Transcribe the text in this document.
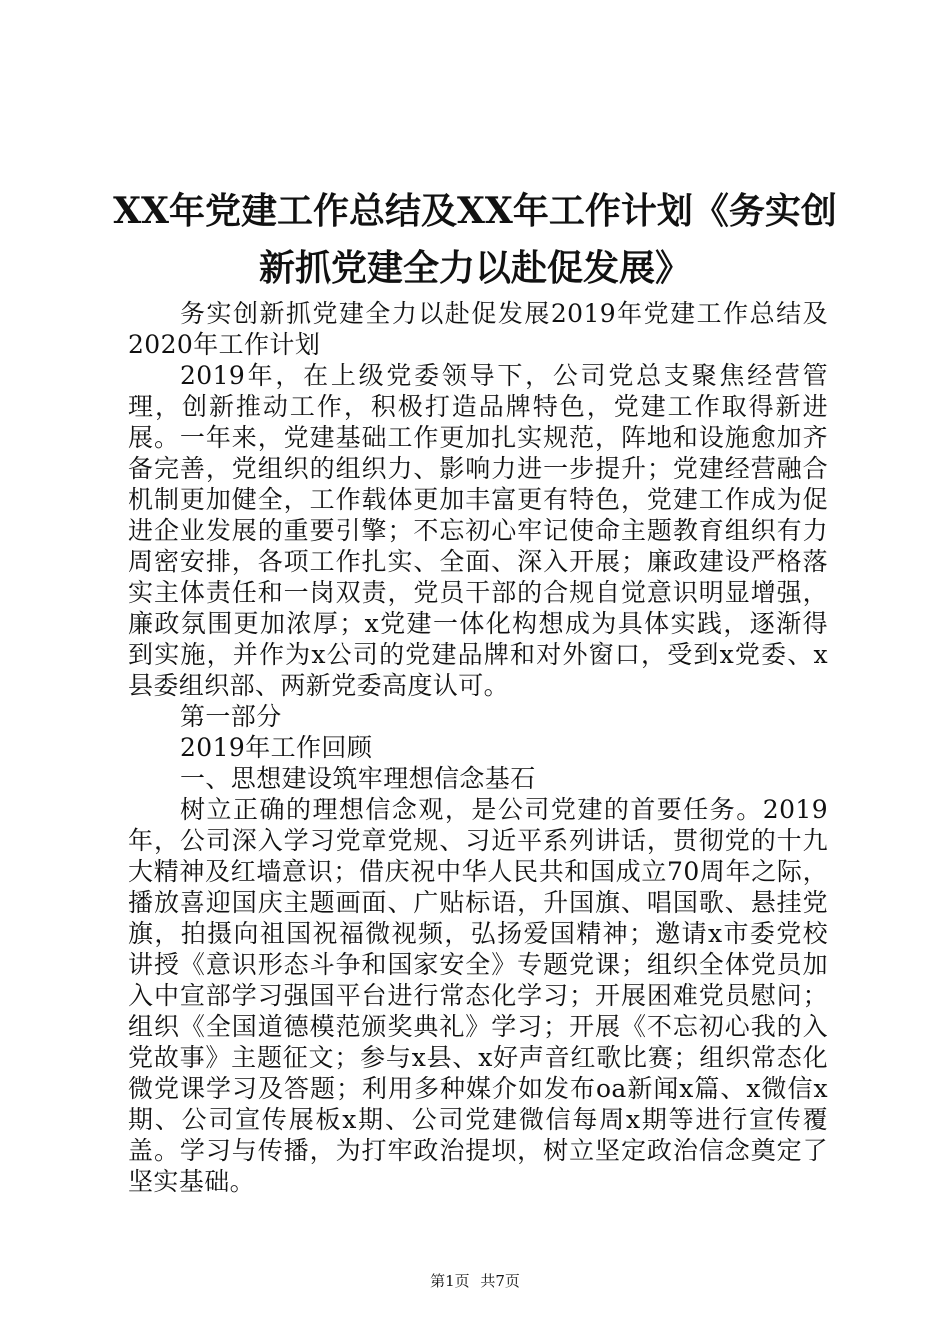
XX年党建工作总结及XX年工作计划《务实创
新抓党建全力以赴促发展》

务实创新抓党建全力以赴促发展2019年党建工作总结及2020年工作计划

2019年，在上级党委领导下，公司党总支聚焦经营管理，创新推动工作，积极打造品牌特色，党建工作取得新进展。一年来，党建基础工作更加扎实规范，阵地和设施愈加齐备完善，党组织的组织力、影响力进一步提升；党建经营融合机制更加健全，工作载体更加丰富更有特色，党建工作成为促进企业发展的重要引擎；不忘初心牢记使命主题教育组织有力周密安排，各项工作扎实、全面、深入开展；廉政建设严格落实主体责任和一岗双责，党员干部的合规自觉意识明显增强，廉政氛围更加浓厚；x党建一体化构想成为具体实践，逐渐得到实施，并作为x公司的党建品牌和对外窗口，受到x党委、x县委组织部、两新党委高度认可。

第一部分

2019年工作回顾

一、思想建设筑牢理想信念基石

树立正确的理想信念观，是公司党建的首要任务。2019年，公司深入学习党章党规、习近平系列讲话，贯彻党的十九大精神及红墙意识；借庆祝中华人民共和国成立70周年之际，播放喜迎国庆主题画面、广贴标语，升国旗、唱国歌、悬挂党旗，拍摄向祖国祝福微视频，弘扬爱国精神；邀请x市委党校讲授《意识形态斗争和国家安全》专题党课；组织全体党员加入中宣部学习强国平台进行常态化学习；开展困难党员慰问；组织《全国道德模范颁奖典礼》学习；开展《不忘初心我的入党故事》主题征文；参与x县、x好声音红歌比赛；组织常态化微党课学习及答题；利用多种媒介如发布oa新闻x篇、x微信x期、公司宣传展板x期、公司党建微信每周x期等进行宣传覆盖。学习与传播，为打牢政治提坝，树立坚定政治信念奠定了坚实基础。

第1页 共7页
